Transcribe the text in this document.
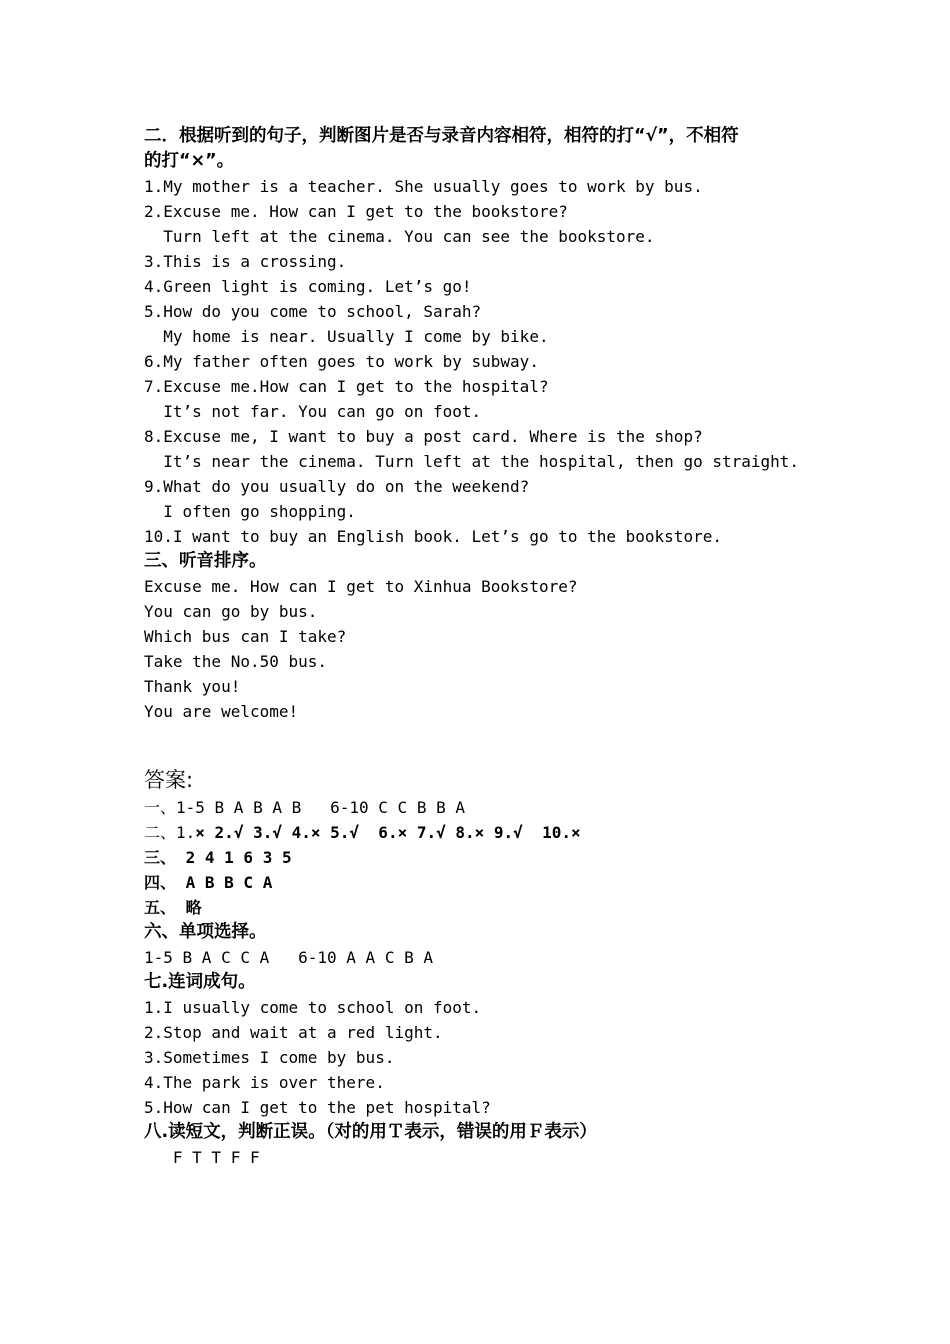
二．根据听到的句子，判断图片是否与录音内容相符，相符的打“√”，不相符
的打“×”。
1.My mother is a teacher. She usually goes to work by bus.
2.Excuse me. How can I get to the bookstore?
Turn left at the cinema. You can see the bookstore.
3.This is a crossing.
4.Green light is coming. Let’s go!
5.How do you come to school, Sarah?
My home is near. Usually I come by bike.
6.My father often goes to work by subway.
7.Excuse me.How can I get to the hospital?
It’s not far. You can go on foot.
8.Excuse me, I want to buy a post card. Where is the shop?
It’s near the cinema. Turn left at the hospital, then go straight.
9.What do you usually do on the weekend?
I often go shopping.
10.I want to buy an English book. Let’s go to the bookstore.
三、听音排序。
Excuse me. How can I get to Xinhua Bookstore?
You can go by bus.
Which bus can I take?
Take the No.50 bus.
Thank you!
You are welcome!
答案:
一、1-5 B A B A B   6-10 C C B B A
二、1.× 2.√ 3.√ 4.× 5.√  6.× 7.√ 8.× 9.√  10.×
三、 2 4 1 6 3 5
四、 A B B C A
五、 略
六、单项选择。
1-5 B A C C A   6-10 A A C B A
七.连词成句。
1.I usually come to school on foot.
2.Stop and wait at a red light.
3.Sometimes I come by bus.
4.The park is over there.
5.How can I get to the pet hospital?
八.读短文，判断正误。（对的用Ｔ表示，错误的用Ｆ表示）
F T T F F
